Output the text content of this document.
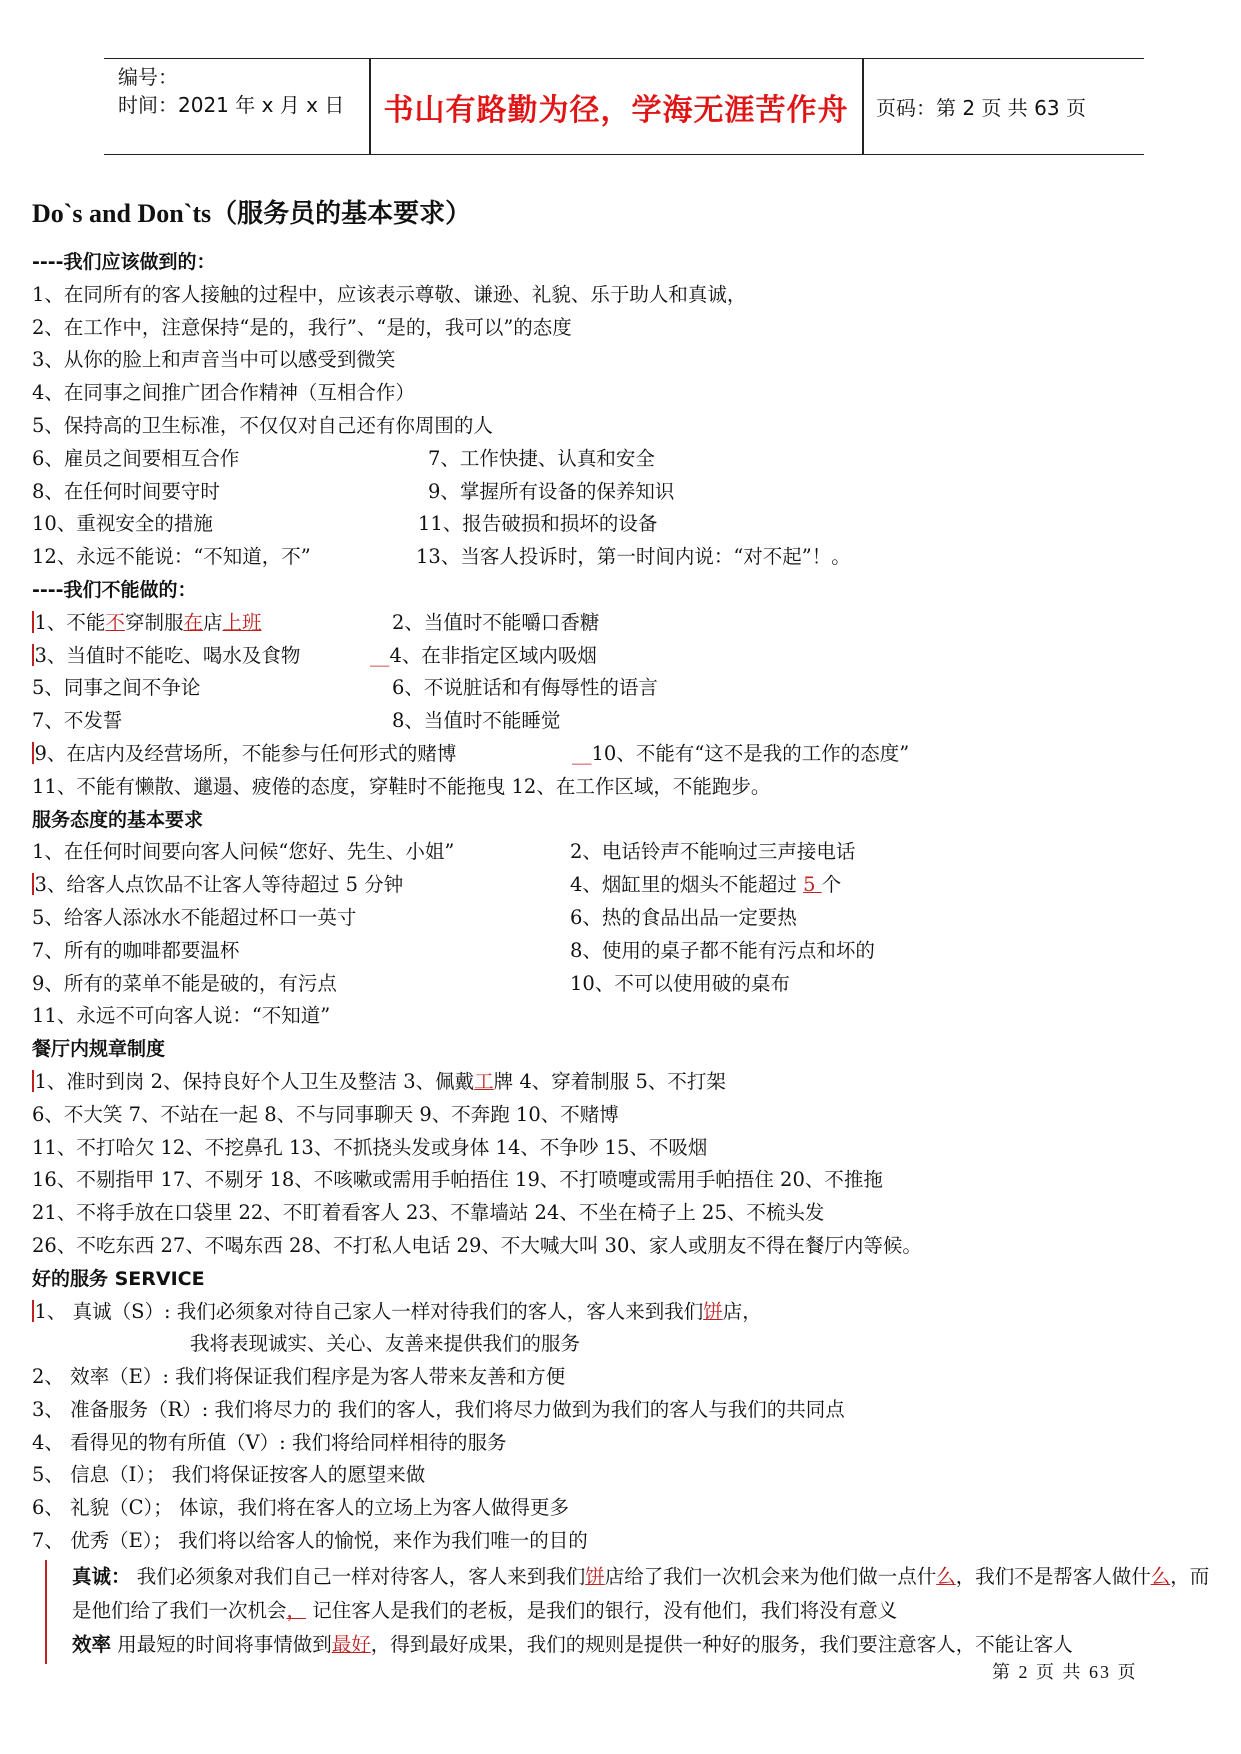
编号：
时间：2021 年 x 月 x 日	书山有路勤为径，学海无涯苦作舟	页码：第 2 页 共 63 页
Do`s and Don`ts（服务员的基本要求）
----我们应该做到的：
1、在同所有的客人接触的过程中，应该表示尊敬、谦逊、礼貌、乐于助人和真诚，
2、在工作中，注意保持“是的，我行”、“是的，我可以”的态度
3、从你的脸上和声音当中可以感受到微笑
4、在同事之间推广团合作精神（互相合作）
5、保持高的卫生标准，不仅仅对自己还有你周围的人
6、雇员之间要相互合作	7、工作快捷、认真和安全
8、在任何时间要守时	9、掌握所有设备的保养知识
10、重视安全的措施	11、报告破损和损坏的设备
12、永远不能说：“不知道，不”	13、当客人投诉时，第一时间内说：“对不起”！。
----我们不能做的：
1、不能不穿制服在店上班	2、当值时不能嚼口香糖
3、当值时不能吃、喝水及食物	__4、在非指定区域内吸烟
5、同事之间不争论	6、不说脏话和有侮辱性的语言
7、不发誓	8、当值时不能睡觉
9、在店内及经营场所，不能参与任何形式的赌博	__10、不能有“这不是我的工作的态度”
11、不能有懒散、邋遢、疲倦的态度，穿鞋时不能拖曳 12、在工作区域，不能跑步。
服务态度的基本要求
1、在任何时间要向客人问候“您好、先生、小姐”	2、电话铃声不能响过三声接电话
3、给客人点饮品不让客人等待超过 5 分钟	4、烟缸里的烟头不能超过 5 个
5、给客人添冰水不能超过杯口一英寸	6、热的食品出品一定要热
7、所有的咖啡都要温杯	8、使用的桌子都不能有污点和坏的
9、所有的菜单不能是破的，有污点	10、不可以使用破的桌布
11、永远不可向客人说：“不知道”
餐厅内规章制度
1、准时到岗 2、保持良好个人卫生及整洁 3、佩戴工牌 4、穿着制服 5、不打架
6、不大笑 7、不站在一起 8、不与同事聊天 9、不奔跑 10、不赌博
11、不打哈欠 12、不挖鼻孔 13、不抓挠头发或身体 14、不争吵 15、不吸烟
16、不剔指甲 17、不剔牙 18、不咳嗽或需用手帕捂住 19、不打喷嚏或需用手帕捂住 20、不推拖
21、不将手放在口袋里 22、不盯着看客人 23、不靠墙站 24、不坐在椅子上 25、不梳头发
26、不吃东西 27、不喝东西 28、不打私人电话 29、不大喊大叫 30、家人或朋友不得在餐厅内等候。
好的服务 SERVICE
1、 真诚（S）: 我们必须象对待自己家人一样对待我们的客人，客人来到我们饼店，
我将表现诚实、关心、友善来提供我们的服务
2、 效率（E）: 我们将保证我们程序是为客人带来友善和方便
3、 准备服务（R）: 我们将尽力的 我们的客人，我们将尽力做到为我们的客人与我们的共同点
4、 看得见的物有所值（V）: 我们将给同样相待的服务
5、 信息（I）； 我们将保证按客人的愿望来做
6、 礼貌（C）； 体谅，我们将在客人的立场上为客人做得更多
7、 优秀（E）； 我们将以给客人的愉悦，来作为我们唯一的目的
真诚： 我们必须象对我们自己一样对待客人，客人来到我们饼店给了我们一次机会来为他们做一点什么，我们不是帮客人做什么，而是他们给了我们一次机会， 记住客人是我们的老板，是我们的银行，没有他们，我们将没有意义
效率 用最短的时间将事情做到最好，得到最好成果，我们的规则是提供一种好的服务，我们要注意客人，不能让客人
第 2 页 共 63 页
